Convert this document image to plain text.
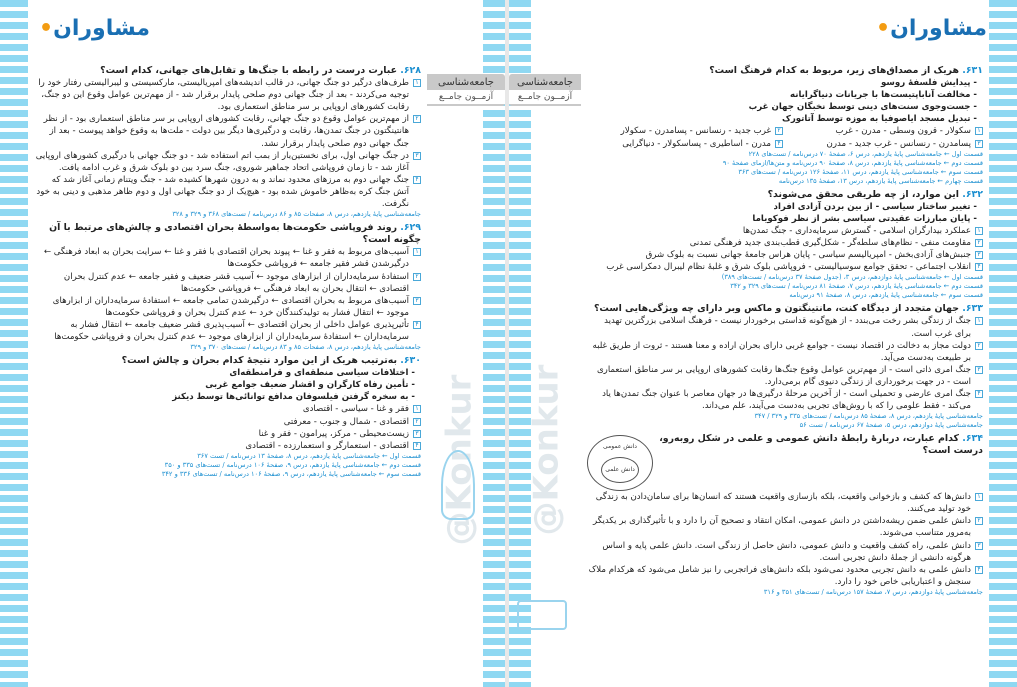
مشاوران•
جامعه‌شناسی
آزمــون جامــع
@Konkur
۶۳۱. هریک از مصداق‌های زیر، مربوط به کدام فرهنگ است؟
- پیدایش فلسفهٔ روسو
- مخالفت آناباپتیست‌ها با جریانات دنیاگرایانه
- جست‌وجوی سنت‌های دینی توسط نخبگان جهان غرب
- تبدیل مسجد ایاصوفیا به موزه توسط آتاتورک
۱
سکولار - قرون وسطی - مدرن - غرب
۲
غرب جدید - رنسانس - پسامدرن - سکولار
۳
پسامدرن - رنسانس - غرب جدید - مدرن
۴
مدرن - اساطیری - پساسکولار - دنیاگرایی
قسمت اول ← جامعه‌شناسی پایهٔ یازدهم، درس ۶، صفحهٔ ۷۰ درس‌نامه / تست‌های ۲۲۸
قسمت دوم ← جامعه‌شناسی پایهٔ یازدهم، درس ۸، صفحهٔ ۹۰ درس‌نامه و متن‌ها/ازمای صفحهٔ ۹۰
قسمت سوم ← جامعه‌شناسی پایهٔ یازدهم، درس ۱۱، صفحهٔ ۱۲۶ درس‌نامه / تست‌های ۳۶۳
قسمت چهارم ← جامعه‌شناسی پایهٔ یازدهم، درس ۱۳، صفحهٔ ۱۳۵ درس‌نامه
۶۳۲. این موارد، از چه طریقی محقق می‌شوند؟
- تغییر ساختار سیاسی - از بین بردن آزادی افراد
- پایان مبارزات عقیدتی سیاسی بشر از نظر فوکویاما
۱
عملکرد بیدارگران اسلامی - گسترش سرمایه‌داری - جنگ تمدن‌ها
۲
مقاومت منفی - نظام‌های سلطه‌گر - شکل‌گیری قطب‌بندی جدید فرهنگی تمدنی
۳
جنبش‌های آزادی‌بخش - امپریالیسم سیاسی - پایان هراس جامعهٔ جهانی نسبت به بلوک شرق
۴
انقلاب اجتماعی - تحقق جوامع سوسیالیستی - فروپاشی بلوک شرق و غلبهٔ نظام لیبرال دمکراسی غرب
قسمت اول ← جامعه‌شناسی پایهٔ دوازدهم، درس ۳، (جدول صفحهٔ ۳۷ درس‌نامه / تست‌های ۳۸۹)
قسمت دوم ← جامعه‌شناسی پایهٔ یازدهم، درس ۷، صفحهٔ ۸۱ درس‌نامه / تست‌های ۳۲۹ و ۳۴۲
قسمت سوم ← جامعه‌شناسی پایهٔ یازدهم، درس ۸، صفحهٔ ۹۱ درس‌نامه
۶۳۳. جهان متجدد از دیدگاه کنت، مانتینگتون و ماکس وبر دارای چه ویژگی‌هایی است؟
۱
جنگ از زندگی بشر رخت می‌بندد - از هیچ‌گونه قداستی برخوردار نیست - فرهنگ اسلامی بزرگترین تهدید برای غرب است.
۲
دولت مجاز به دخالت در اقتصاد نیست - جوامع غربی دارای بحران اراده و معنا هستند - ثروت از طریق غلبه بر طبیعت به‌دست می‌آید.
۳
جنگ امری ذاتی است - از مهم‌ترین عوامل وقوع جنگ‌ها رقابت کشورهای اروپایی بر سر مناطق استعماری است - در جهت برخورداری از زندگی دنیوی گام برمی‌دارد.
۴
جنگ امری عارضی و تحمیلی است - از آخرین مرحلهٔ درگیری‌ها در جهان معاصر با عنوان جنگ تمدن‌ها یاد می‌کند - فقط علومی را که با روش‌های تجربی به‌دست می‌آیند، علم می‌داند.
جامعه‌شناسی پایهٔ یازدهم، درس ۸، صفحهٔ ۸۵ درس‌نامه / تست‌های ۳۳۵ و ۳۲۹ / ۳۴۷
جامعه‌شناسی پایهٔ دوازدهم، درس ۵، صفحهٔ ۶۷ درس‌نامه / تست ۵۶
دانش عمومی
دانش علمی
۶۳۴. کدام عبارت، دربارهٔ رابطهٔ دانش عمومی و علمی در شکل روبه‌رو، درست است؟
۱
دانش‌ها که کشف و بازخوانی واقعیت، بلکه بازسازی واقعیت هستند که انسان‌ها برای سامان‌دادن به زندگی خود تولید می‌کنند.
۲
دانش علمی ضمن ریشه‌داشتن در دانش عمومی، امکان انتقاد و تصحیح آن را دارد و با تأثیرگذاری بر یکدیگر به‌مرور متناسب می‌شوند.
۳
دانش علمی، راه کشف واقعیت و دانش عمومی، دانش حاصل از زندگی است. دانش علمی پایه و اساس هرگونه دانشی از جملهٔ دانش تجربی است.
۴
دانش علمی به دانش تجربی محدود نمی‌شود بلکه دانش‌های فراتجربی را نیز شامل می‌شود که هرکدام ملاک سنجش و اعتباریابی خاص خود را دارد.
جامعه‌شناسی پایهٔ دوازدهم، درس ۷، صفحهٔ ۱۵۷ درس‌نامه / تست‌های ۳۵۱ و ۳۱۶
مشاوران•
جامعه‌شناسی
آزمــون جامــع
@Konkur
۶۲۸. عبارت درست در رابطه با جنگ‌ها و تقابل‌های جهانی، کدام است؟
۱
طرف‌های درگیر دو جنگ جهانی، در قالب اندیشه‌های امپریالیستی، مارکسیستی و لیبرالیستی رفتار خود را توجیه می‌کردند - بعد از جنگ جهانی دوم صلحی پایدار برقرار شد - از مهم‌ترین عوامل وقوع این دو جنگ، رقابت کشورهای اروپایی بر سر مناطق استعماری بود.
۲
از مهم‌ترین عوامل وقوع دو جنگ جهانی، رقابت کشورهای اروپایی بر سر مناطق استعماری بود - از نظر هانتینگتون در جنگ تمدن‌ها، رقابت و درگیری‌ها دیگر بین دولت - ملت‌ها به وقوع خواهد پیوست - بعد از جنگ جهانی دوم صلحی پایدار برقرار نشد.
۳
در جنگ جهانی اول، برای نخستین‌بار از بمب اتم استفاده شد - دو جنگ جهانی با درگیری کشورهای اروپایی آغاز شد - تا زمان فروپاشی اتحاد جماهیر شوروی، جنگ سرد بین دو بلوک شرق و غرب ادامه یافت.
۴
جنگ جهانی دوم به مرزهای محدود نماند و به درون شهرها کشیده شد - جنگ ویتنام زمانی آغاز شد که آتش جنگ کره به‌ظاهر خاموش شده بود - هیچ‌یک از دو جنگ جهانی اول و دوم ظاهر مذهبی و دینی به خود نگرفت.
جامعه‌شناسی پایهٔ یازدهم، درس ۸، صفحات ۸۵ و ۸۶ درس‌نامه / تست‌های ۳۶۸ و ۳۲۹ و ۳۲۸
۶۲۹. روند فروپاشی حکومت‌ها به‌واسطهٔ بحران اقتصادی و چالش‌های مرتبط با آن چگونه است؟
۱
آسیب‌های مربوط به فقر و غنا ← پیوند بحران اقتصادی با فقر و غنا ← سرایت بحران به ابعاد فرهنگی ← درگیرشدن قشر فقیر جامعه ← فروپاشی حکومت‌ها
۲
استفادهٔ سرمایه‌داران از ابزارهای موجود ← آسیب قشر ضعیف و فقیر جامعه ← عدم کنترل بحران اقتصادی ← انتقال بحران به ابعاد فرهنگی ← فروپاشی حکومت‌ها
۳
آسیب‌های مربوط به بحران اقتصادی ← درگیرشدن تمامی جامعه ← استفادهٔ سرمایه‌داران از ابزارهای موجود ← انتقال فشار به تولیدکنندگان خرد ← عدم کنترل بحران و فروپاشی حکومت‌ها
۴
تأثیرپذیری عوامل داخلی از بحران اقتصادی ← آسیب‌پذیری قشر ضعیف جامعه ← انتقال فشار به سرمایه‌داران ← استفادهٔ سرمایه‌داران از ابزارهای موجود ← عدم کنترل بحران و فروپاشی حکومت‌ها
جامعه‌شناسی پایهٔ یازدهم، درس ۸، صفحات ۸۵ و ۸۳ درس‌نامه / تست‌های ۳۷۰ و ۳۲۹
۶۳۰. به‌ترتیب هریک از این موارد نتیجهٔ کدام بحران و چالش است؟
- اختلافات سیاسی منطقه‌ای و فرامنطقه‌ای
- تأمین رفاه کارگران و اقشار ضعیف جوامع غربی
- به سخره گرفتن فیلسوفان مدافع توانائی‌ها توسط دیکنز
۱
فقر و غنا - سیاسی - اقتصادی
۲
اقتصادی - شمال و جنوب - معرفتی
۳
زیست‌محیطی - مرکز، پیرامون - فقر و غنا
۴
اقتصادی - استعمارگر و استعمارزده - اقتصادی
قسمت اول ← جامعه‌شناسی پایهٔ یازدهم، درس ۸، صفحهٔ ۱۳ درس‌نامه / تست ۳۶۷
قسمت دوم ← جامعه‌شناسی پایهٔ یازدهم، درس ۹، صفحهٔ ۱۰۶ درس‌نامه / تست‌های ۳۳۵ و ۳۵۰
قسمت سوم ← جامعه‌شناسی پایهٔ یازدهم، درس ۹، صفحهٔ ۱۰۶ درس‌نامه / تست‌های ۳۳۶ و ۳۴۲
